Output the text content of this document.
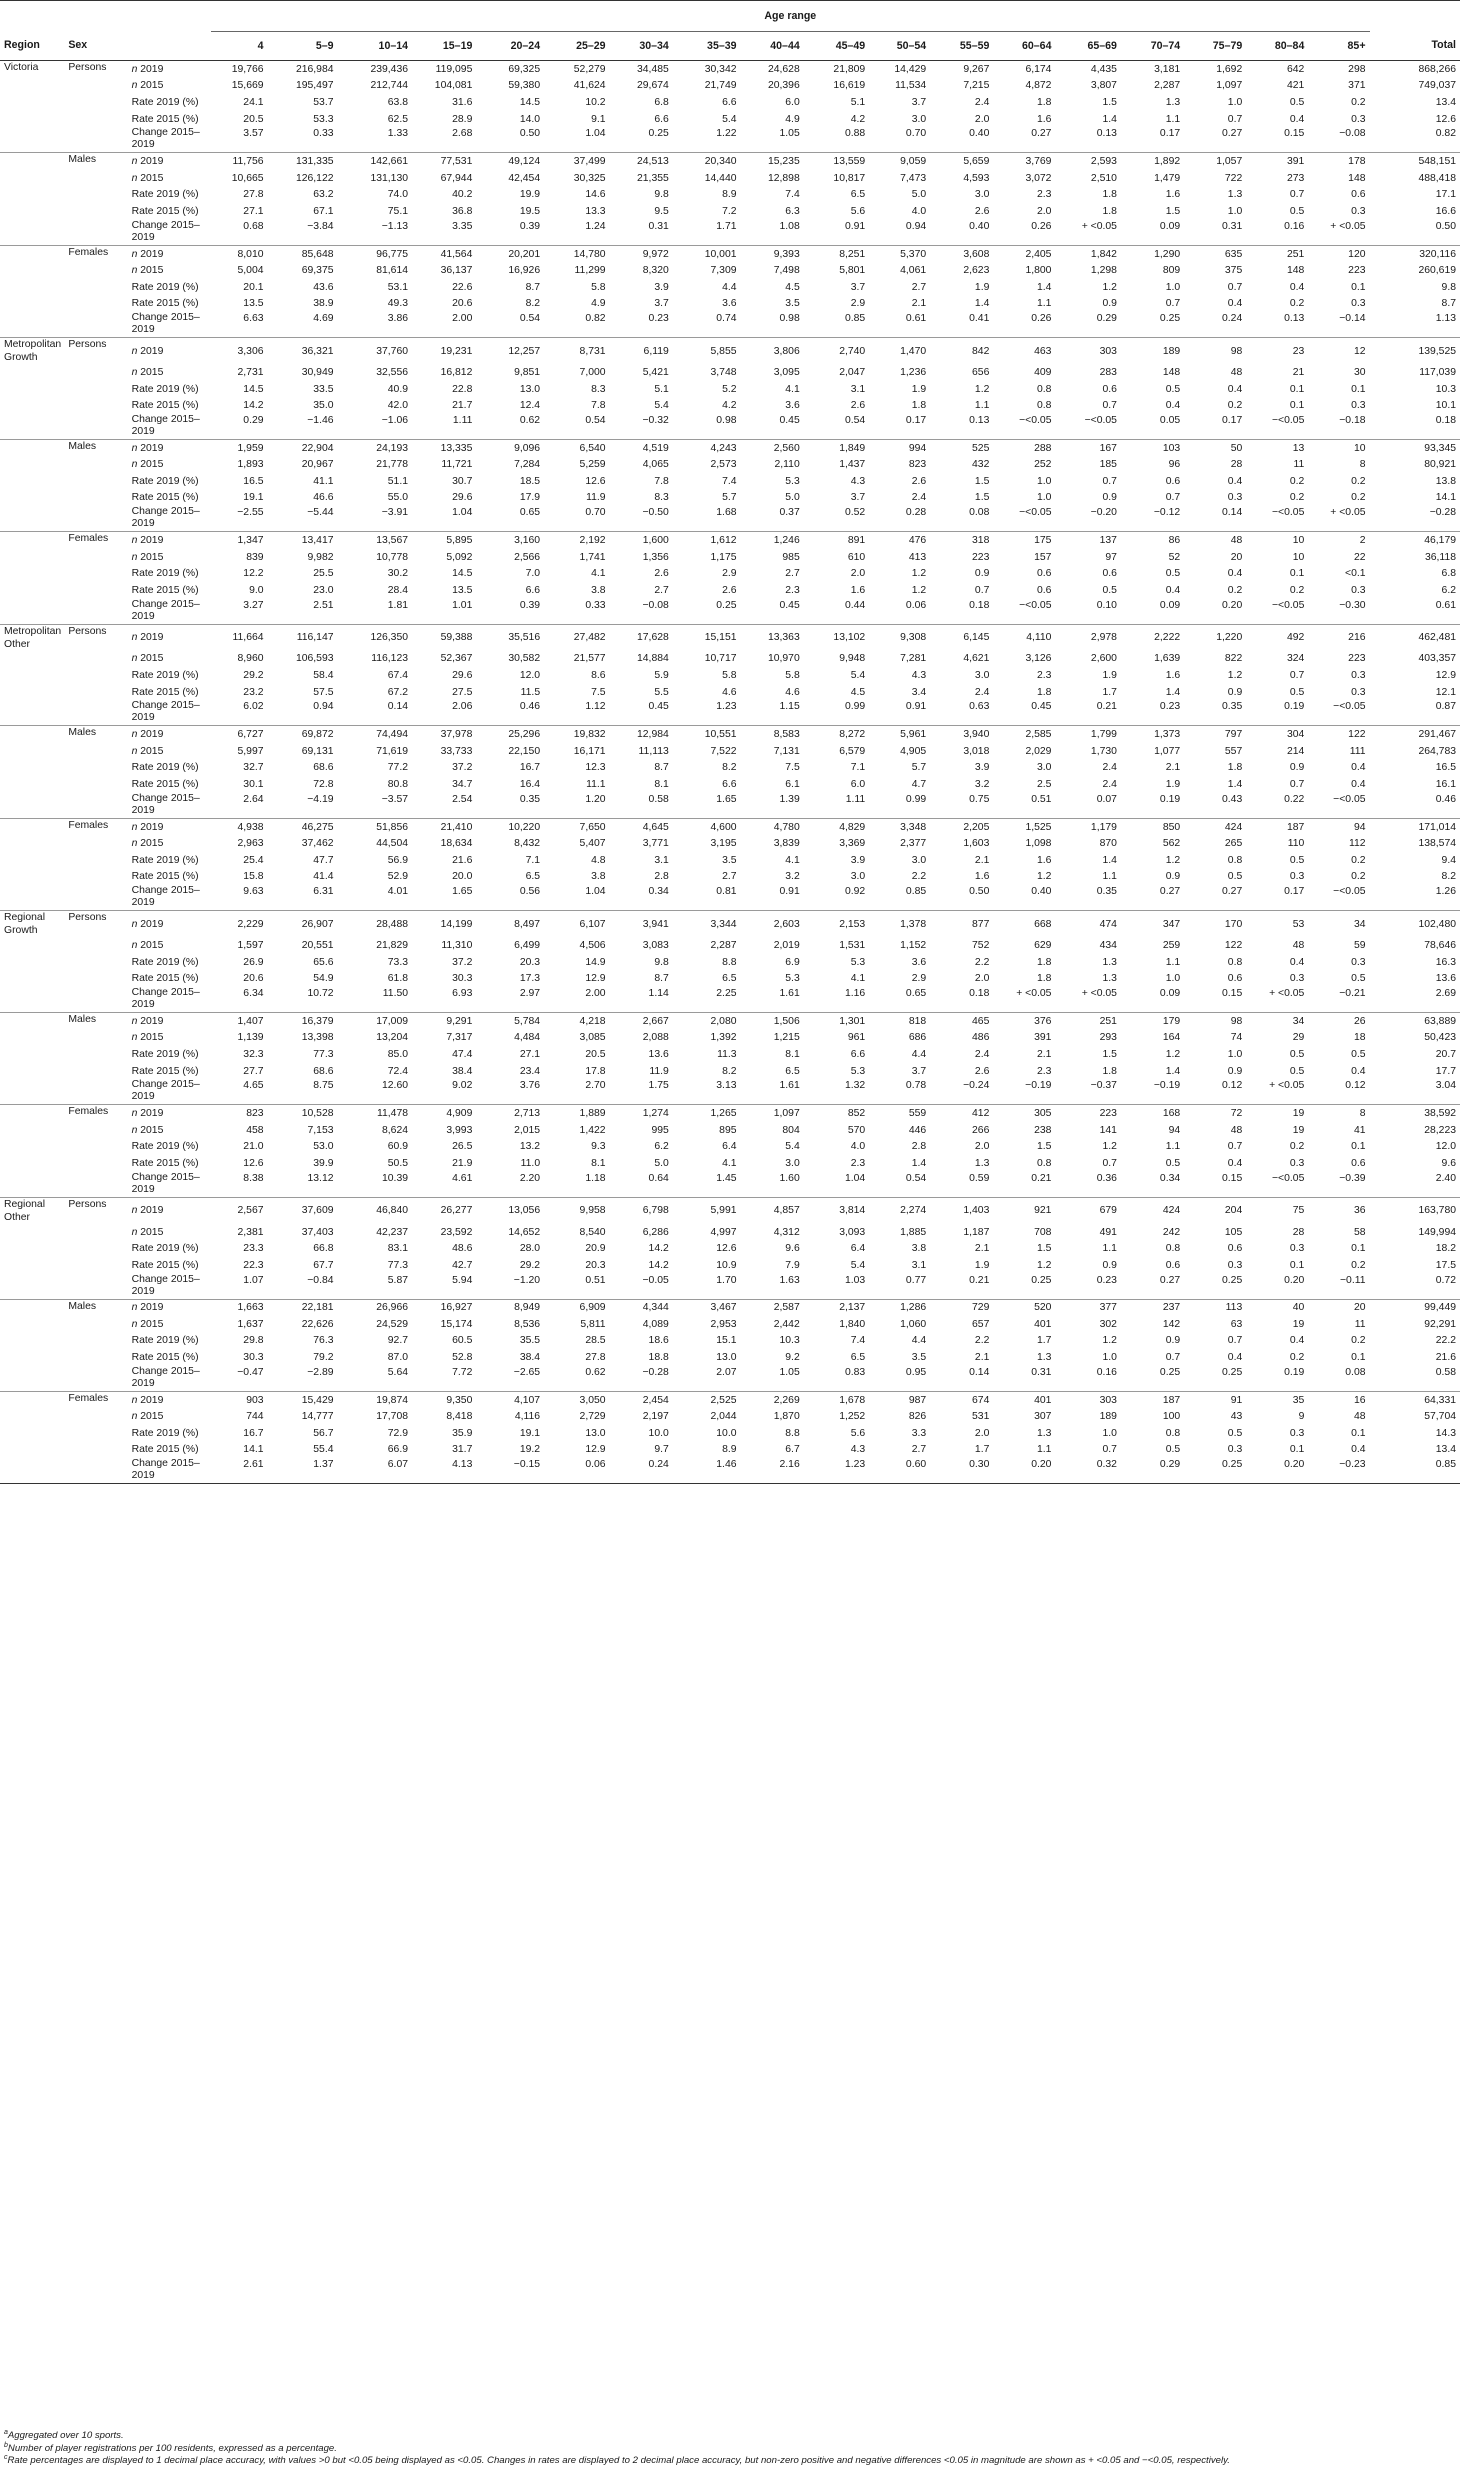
Region	Sex		Age range																		Total
			4	5–9	10–14	15–19	20–24	25–29	30–34	35–39	40–44	45–49	50–54	55–59	60–64	65–69	70–74	75–79	80–84	85+	
Victoria	Persons	n 2019	19,766	216,984	239,436	119,095	69,325	52,279	34,485	30,342	24,628	21,809	14,429	9,267	6,174	4,435	3,181	1,692	642	298	868,266
		n 2015	15,669	195,497	212,744	104,081	59,380	41,624	29,674	21,749	20,396	16,619	11,534	7,215	4,872	3,807	2,287	1,097	421	371	749,037
		Rate 2019 (%)	24.1	53.7	63.8	31.6	14.5	10.2	6.8	6.6	6.0	5.1	3.7	2.4	1.8	1.5	1.3	1.0	0.5	0.2	13.4
		Rate 2015 (%)	20.5	53.3	62.5	28.9	14.0	9.1	6.6	5.4	4.9	4.2	3.0	2.0	1.6	1.4	1.1	0.7	0.4	0.3	12.6
		Change 2015–2019	3.57	0.33	1.33	2.68	0.50	1.04	0.25	1.22	1.05	0.88	0.70	0.40	0.27	0.13	0.17	0.27	0.15	−0.08	0.82
	Males	n 2019	11,756	131,335	142,661	77,531	49,124	37,499	24,513	20,340	15,235	13,559	9,059	5,659	3,769	2,593	1,892	1,057	391	178	548,151
		n 2015	10,665	126,122	131,130	67,944	42,454	30,325	21,355	14,440	12,898	10,817	7,473	4,593	3,072	2,510	1,479	722	273	148	488,418
		Rate 2019 (%)	27.8	63.2	74.0	40.2	19.9	14.6	9.8	8.9	7.4	6.5	5.0	3.0	2.3	1.8	1.6	1.3	0.7	0.6	17.1
		Rate 2015 (%)	27.1	67.1	75.1	36.8	19.5	13.3	9.5	7.2	6.3	5.6	4.0	2.6	2.0	1.8	1.5	1.0	0.5	0.3	16.6
		Change 2015–2019	0.68	−3.84	−1.13	3.35	0.39	1.24	0.31	1.71	1.08	0.91	0.94	0.40	0.26	+ <0.05	0.09	0.31	0.16	+ <0.05	0.50
	Females	n 2019	8,010	85,648	96,775	41,564	20,201	14,780	9,972	10,001	9,393	8,251	5,370	3,608	2,405	1,842	1,290	635	251	120	320,116
		n 2015	5,004	69,375	81,614	36,137	16,926	11,299	8,320	7,309	7,498	5,801	4,061	2,623	1,800	1,298	809	375	148	223	260,619
		Rate 2019 (%)	20.1	43.6	53.1	22.6	8.7	5.8	3.9	4.4	4.5	3.7	2.7	1.9	1.4	1.2	1.0	0.7	0.4	0.1	9.8
		Rate 2015 (%)	13.5	38.9	49.3	20.6	8.2	4.9	3.7	3.6	3.5	2.9	2.1	1.4	1.1	0.9	0.7	0.4	0.2	0.3	8.7
		Change 2015–2019	6.63	4.69	3.86	2.00	0.54	0.82	0.23	0.74	0.98	0.85	0.61	0.41	0.26	0.29	0.25	0.24	0.13	−0.14	1.13
Metropolitan Growth	Persons	n 2019	3,306	36,321	37,760	19,231	12,257	8,731	6,119	5,855	3,806	2,740	1,470	842	463	303	189	98	23	12	139,525
		n 2015	2,731	30,949	32,556	16,812	9,851	7,000	5,421	3,748	3,095	2,047	1,236	656	409	283	148	48	21	30	117,039
		Rate 2019 (%)	14.5	33.5	40.9	22.8	13.0	8.3	5.1	5.2	4.1	3.1	1.9	1.2	0.8	0.6	0.5	0.4	0.1	0.1	10.3
		Rate 2015 (%)	14.2	35.0	42.0	21.7	12.4	7.8	5.4	4.2	3.6	2.6	1.8	1.1	0.8	0.7	0.4	0.2	0.1	0.3	10.1
		Change 2015–2019	0.29	−1.46	−1.06	1.11	0.62	0.54	−0.32	0.98	0.45	0.54	0.17	0.13	−<0.05	−<0.05	0.05	0.17	−<0.05	−0.18	0.18
	Males	n 2019	1,959	22,904	24,193	13,335	9,096	6,540	4,519	4,243	2,560	1,849	994	525	288	167	103	50	13	10	93,345
		n 2015	1,893	20,967	21,778	11,721	7,284	5,259	4,065	2,573	2,110	1,437	823	432	252	185	96	28	11	8	80,921
		Rate 2019 (%)	16.5	41.1	51.1	30.7	18.5	12.6	7.8	7.4	5.3	4.3	2.6	1.5	1.0	0.7	0.6	0.4	0.2	0.2	13.8
		Rate 2015 (%)	19.1	46.6	55.0	29.6	17.9	11.9	8.3	5.7	5.0	3.7	2.4	1.5	1.0	0.9	0.7	0.3	0.2	0.2	14.1
		Change 2015–2019	−2.55	−5.44	−3.91	1.04	0.65	0.70	−0.50	1.68	0.37	0.52	0.28	0.08	−<0.05	−0.20	−0.12	0.14	−<0.05	+ <0.05	−0.28
	Females	n 2019	1,347	13,417	13,567	5,895	3,160	2,192	1,600	1,612	1,246	891	476	318	175	137	86	48	10	2	46,179
		n 2015	839	9,982	10,778	5,092	2,566	1,741	1,356	1,175	985	610	413	223	157	97	52	20	10	22	36,118
		Rate 2019 (%)	12.2	25.5	30.2	14.5	7.0	4.1	2.6	2.9	2.7	2.0	1.2	0.9	0.6	0.6	0.5	0.4	0.1	<0.1	6.8
		Rate 2015 (%)	9.0	23.0	28.4	13.5	6.6	3.8	2.7	2.6	2.3	1.6	1.2	0.7	0.6	0.5	0.4	0.2	0.2	0.3	6.2
		Change 2015–2019	3.27	2.51	1.81	1.01	0.39	0.33	−0.08	0.25	0.45	0.44	0.06	0.18	−<0.05	0.10	0.09	0.20	−<0.05	−0.30	0.61
Metropolitan Other	Persons	n 2019	11,664	116,147	126,350	59,388	35,516	27,482	17,628	15,151	13,363	13,102	9,308	6,145	4,110	2,978	2,222	1,220	492	216	462,481
		n 2015	8,960	106,593	116,123	52,367	30,582	21,577	14,884	10,717	10,970	9,948	7,281	4,621	3,126	2,600	1,639	822	324	223	403,357
		Rate 2019 (%)	29.2	58.4	67.4	29.6	12.0	8.6	5.9	5.8	5.8	5.4	4.3	3.0	2.3	1.9	1.6	1.2	0.7	0.3	12.9
		Rate 2015 (%)	23.2	57.5	67.2	27.5	11.5	7.5	5.5	4.6	4.6	4.5	3.4	2.4	1.8	1.7	1.4	0.9	0.5	0.3	12.1
		Change 2015–2019	6.02	0.94	0.14	2.06	0.46	1.12	0.45	1.23	1.15	0.99	0.91	0.63	0.45	0.21	0.23	0.35	0.19	−<0.05	0.87
	Males	n 2019	6,727	69,872	74,494	37,978	25,296	19,832	12,984	10,551	8,583	8,272	5,961	3,940	2,585	1,799	1,373	797	304	122	291,467
		n 2015	5,997	69,131	71,619	33,733	22,150	16,171	11,113	7,522	7,131	6,579	4,905	3,018	2,029	1,730	1,077	557	214	111	264,783
		Rate 2019 (%)	32.7	68.6	77.2	37.2	16.7	12.3	8.7	8.2	7.5	7.1	5.7	3.9	3.0	2.4	2.1	1.8	0.9	0.4	16.5
		Rate 2015 (%)	30.1	72.8	80.8	34.7	16.4	11.1	8.1	6.6	6.1	6.0	4.7	3.2	2.5	2.4	1.9	1.4	0.7	0.4	16.1
		Change 2015–2019	2.64	−4.19	−3.57	2.54	0.35	1.20	0.58	1.65	1.39	1.11	0.99	0.75	0.51	0.07	0.19	0.43	0.22	−<0.05	0.46
	Females	n 2019	4,938	46,275	51,856	21,410	10,220	7,650	4,645	4,600	4,780	4,829	3,348	2,205	1,525	1,179	850	424	187	94	171,014
		n 2015	2,963	37,462	44,504	18,634	8,432	5,407	3,771	3,195	3,839	3,369	2,377	1,603	1,098	870	562	265	110	112	138,574
		Rate 2019 (%)	25.4	47.7	56.9	21.6	7.1	4.8	3.1	3.5	4.1	3.9	3.0	2.1	1.6	1.4	1.2	0.8	0.5	0.2	9.4
		Rate 2015 (%)	15.8	41.4	52.9	20.0	6.5	3.8	2.8	2.7	3.2	3.0	2.2	1.6	1.2	1.1	0.9	0.5	0.3	0.2	8.2
		Change 2015–2019	9.63	6.31	4.01	1.65	0.56	1.04	0.34	0.81	0.91	0.92	0.85	0.50	0.40	0.35	0.27	0.27	0.17	−<0.05	1.26
Regional Growth	Persons	n 2019	2,229	26,907	28,488	14,199	8,497	6,107	3,941	3,344	2,603	2,153	1,378	877	668	474	347	170	53	34	102,480
		n 2015	1,597	20,551	21,829	11,310	6,499	4,506	3,083	2,287	2,019	1,531	1,152	752	629	434	259	122	48	59	78,646
		Rate 2019 (%)	26.9	65.6	73.3	37.2	20.3	14.9	9.8	8.8	6.9	5.3	3.6	2.2	1.8	1.3	1.1	0.8	0.4	0.3	16.3
		Rate 2015 (%)	20.6	54.9	61.8	30.3	17.3	12.9	8.7	6.5	5.3	4.1	2.9	2.0	1.8	1.3	1.0	0.6	0.3	0.5	13.6
		Change 2015–2019	6.34	10.72	11.50	6.93	2.97	2.00	1.14	2.25	1.61	1.16	0.65	0.18	+ <0.05	+ <0.05	0.09	0.15	+ <0.05	−0.21	2.69
	Males	n 2019	1,407	16,379	17,009	9,291	5,784	4,218	2,667	2,080	1,506	1,301	818	465	376	251	179	98	34	26	63,889
		n 2015	1,139	13,398	13,204	7,317	4,484	3,085	2,088	1,392	1,215	961	686	486	391	293	164	74	29	18	50,423
		Rate 2019 (%)	32.3	77.3	85.0	47.4	27.1	20.5	13.6	11.3	8.1	6.6	4.4	2.4	2.1	1.5	1.2	1.0	0.5	0.5	20.7
		Rate 2015 (%)	27.7	68.6	72.4	38.4	23.4	17.8	11.9	8.2	6.5	5.3	3.7	2.6	2.3	1.8	1.4	0.9	0.5	0.4	17.7
		Change 2015–2019	4.65	8.75	12.60	9.02	3.76	2.70	1.75	3.13	1.61	1.32	0.78	−0.24	−0.19	−0.37	−0.19	0.12	+ <0.05	0.12	3.04
	Females	n 2019	823	10,528	11,478	4,909	2,713	1,889	1,274	1,265	1,097	852	559	412	305	223	168	72	19	8	38,592
		n 2015	458	7,153	8,624	3,993	2,015	1,422	995	895	804	570	446	266	238	141	94	48	19	41	28,223
		Rate 2019 (%)	21.0	53.0	60.9	26.5	13.2	9.3	6.2	6.4	5.4	4.0	2.8	2.0	1.5	1.2	1.1	0.7	0.2	0.1	12.0
		Rate 2015 (%)	12.6	39.9	50.5	21.9	11.0	8.1	5.0	4.1	3.0	2.3	1.4	1.3	0.8	0.7	0.5	0.4	0.3	0.6	9.6
		Change 2015–2019	8.38	13.12	10.39	4.61	2.20	1.18	0.64	1.45	1.60	1.04	0.54	0.59	0.21	0.36	0.34	0.15	−<0.05	−0.39	2.40
Regional Other	Persons	n 2019	2,567	37,609	46,840	26,277	13,056	9,958	6,798	5,991	4,857	3,814	2,274	1,403	921	679	424	204	75	36	163,780
		n 2015	2,381	37,403	42,237	23,592	14,652	8,540	6,286	4,997	4,312	3,093	1,885	1,187	708	491	242	105	28	58	149,994
		Rate 2019 (%)	23.3	66.8	83.1	48.6	28.0	20.9	14.2	12.6	9.6	6.4	3.8	2.1	1.5	1.1	0.8	0.6	0.3	0.1	18.2
		Rate 2015 (%)	22.3	67.7	77.3	42.7	29.2	20.3	14.2	10.9	7.9	5.4	3.1	1.9	1.2	0.9	0.6	0.3	0.1	0.2	17.5
		Change 2015–2019	1.07	−0.84	5.87	5.94	−1.20	0.51	−0.05	1.70	1.63	1.03	0.77	0.21	0.25	0.23	0.27	0.25	0.20	−0.11	0.72
	Males	n 2019	1,663	22,181	26,966	16,927	8,949	6,909	4,344	3,467	2,587	2,137	1,286	729	520	377	237	113	40	20	99,449
		n 2015	1,637	22,626	24,529	15,174	8,536	5,811	4,089	2,953	2,442	1,840	1,060	657	401	302	142	63	19	11	92,291
		Rate 2019 (%)	29.8	76.3	92.7	60.5	35.5	28.5	18.6	15.1	10.3	7.4	4.4	2.2	1.7	1.2	0.9	0.7	0.4	0.2	22.2
		Rate 2015 (%)	30.3	79.2	87.0	52.8	38.4	27.8	18.8	13.0	9.2	6.5	3.5	2.1	1.3	1.0	0.7	0.4	0.2	0.1	21.6
		Change 2015–2019	−0.47	−2.89	5.64	7.72	−2.65	0.62	−0.28	2.07	1.05	0.83	0.95	0.14	0.31	0.16	0.25	0.25	0.19	0.08	0.58
	Females	n 2019	903	15,429	19,874	9,350	4,107	3,050	2,454	2,525	2,269	1,678	987	674	401	303	187	91	35	16	64,331
		n 2015	744	14,777	17,708	8,418	4,116	2,729	2,197	2,044	1,870	1,252	826	531	307	189	100	43	9	48	57,704
		Rate 2019 (%)	16.7	56.7	72.9	35.9	19.1	13.0	10.0	10.0	8.8	5.6	3.3	2.0	1.3	1.0	0.8	0.5	0.3	0.1	14.3
		Rate 2015 (%)	14.1	55.4	66.9	31.7	19.2	12.9	9.7	8.9	6.7	4.3	2.7	1.7	1.1	0.7	0.5	0.3	0.1	0.4	13.4
		Change 2015–2019	2.61	1.37	6.07	4.13	−0.15	0.06	0.24	1.46	2.16	1.23	0.60	0.30	0.20	0.32	0.29	0.25	0.20	−0.23	0.85
$^a$Aggregated over 10 sports.
$^b$Number of player registrations per 100 residents, expressed as a percentage.
$^c$Rate percentages are displayed to 1 decimal place accuracy, with values >0 but <0.05 being displayed as <0.05. Changes in rates are displayed to 2 decimal place accuracy, but non-zero positive and negative differences <0.05 in magnitude are shown as + <0.05 and −<0.05, respectively.
